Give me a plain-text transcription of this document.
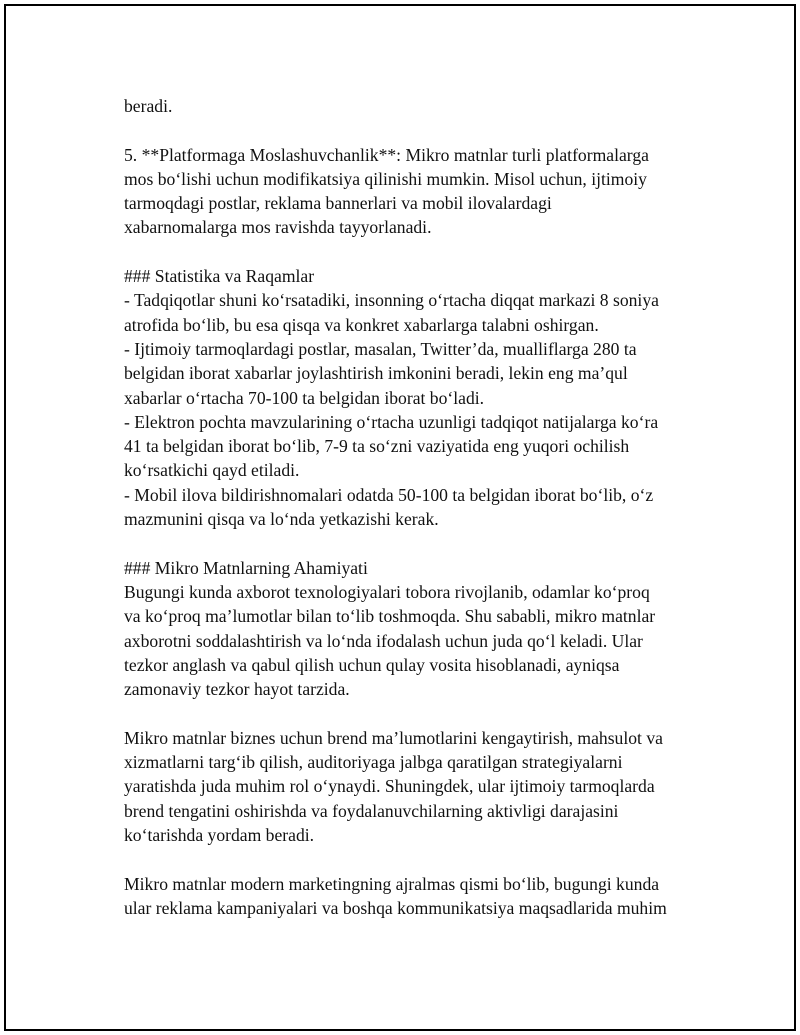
beradi.
5. **Platformaga Moslashuvchanlik**: Mikro matnlar turli platformalarga
mos bo‘lishi uchun modifikatsiya qilinishi mumkin. Misol uchun, ijtimoiy
tarmoqdagi postlar, reklama bannerlari va mobil ilovalardagi
xabarnomalarga mos ravishda tayyorlanadi.
### Statistika va Raqamlar
- Tadqiqotlar shuni ko‘rsatadiki, insonning o‘rtacha diqqat markazi 8 soniya
atrofida bo‘lib, bu esa qisqa va konkret xabarlarga talabni oshirgan.
- Ijtimoiy tarmoqlardagi postlar, masalan, Twitter’da, mualliflarga 280 ta
belgidan iborat xabarlar joylashtirish imkonini beradi, lekin eng ma’qul
xabarlar o‘rtacha 70-100 ta belgidan iborat bo‘ladi.
- Elektron pochta mavzularining o‘rtacha uzunligi tadqiqot natijalarga ko‘ra
41 ta belgidan iborat bo‘lib, 7-9 ta so‘zni vaziyatida eng yuqori ochilish
ko‘rsatkichi qayd etiladi.
- Mobil ilova bildirishnomalari odatda 50-100 ta belgidan iborat bo‘lib, o‘z
mazmunini qisqa va lo‘nda yetkazishi kerak.
### Mikro Matnlarning Ahamiyati
Bugungi kunda axborot texnologiyalari tobora rivojlanib, odamlar ko‘proq
va ko‘proq ma’lumotlar bilan to‘lib toshmoqda. Shu sababli, mikro matnlar
axborotni soddalashtirish va lo‘nda ifodalash uchun juda qo‘l keladi. Ular
tezkor anglash va qabul qilish uchun qulay vosita hisoblanadi, ayniqsa
zamonaviy tezkor hayot tarzida.
Mikro matnlar biznes uchun brend ma’lumotlarini kengaytirish, mahsulot va
xizmatlarni targ‘ib qilish, auditoriyaga jalbga qaratilgan strategiyalarni
yaratishda juda muhim rol o‘ynaydi. Shuningdek, ular ijtimoiy tarmoqlarda
brend tengatini oshirishda va foydalanuvchilarning aktivligi darajasini
ko‘tarishda yordam beradi.
Mikro matnlar modern marketingning ajralmas qismi bo‘lib, bugungi kunda
ular reklama kampaniyalari va boshqa kommunikatsiya maqsadlarida muhim
